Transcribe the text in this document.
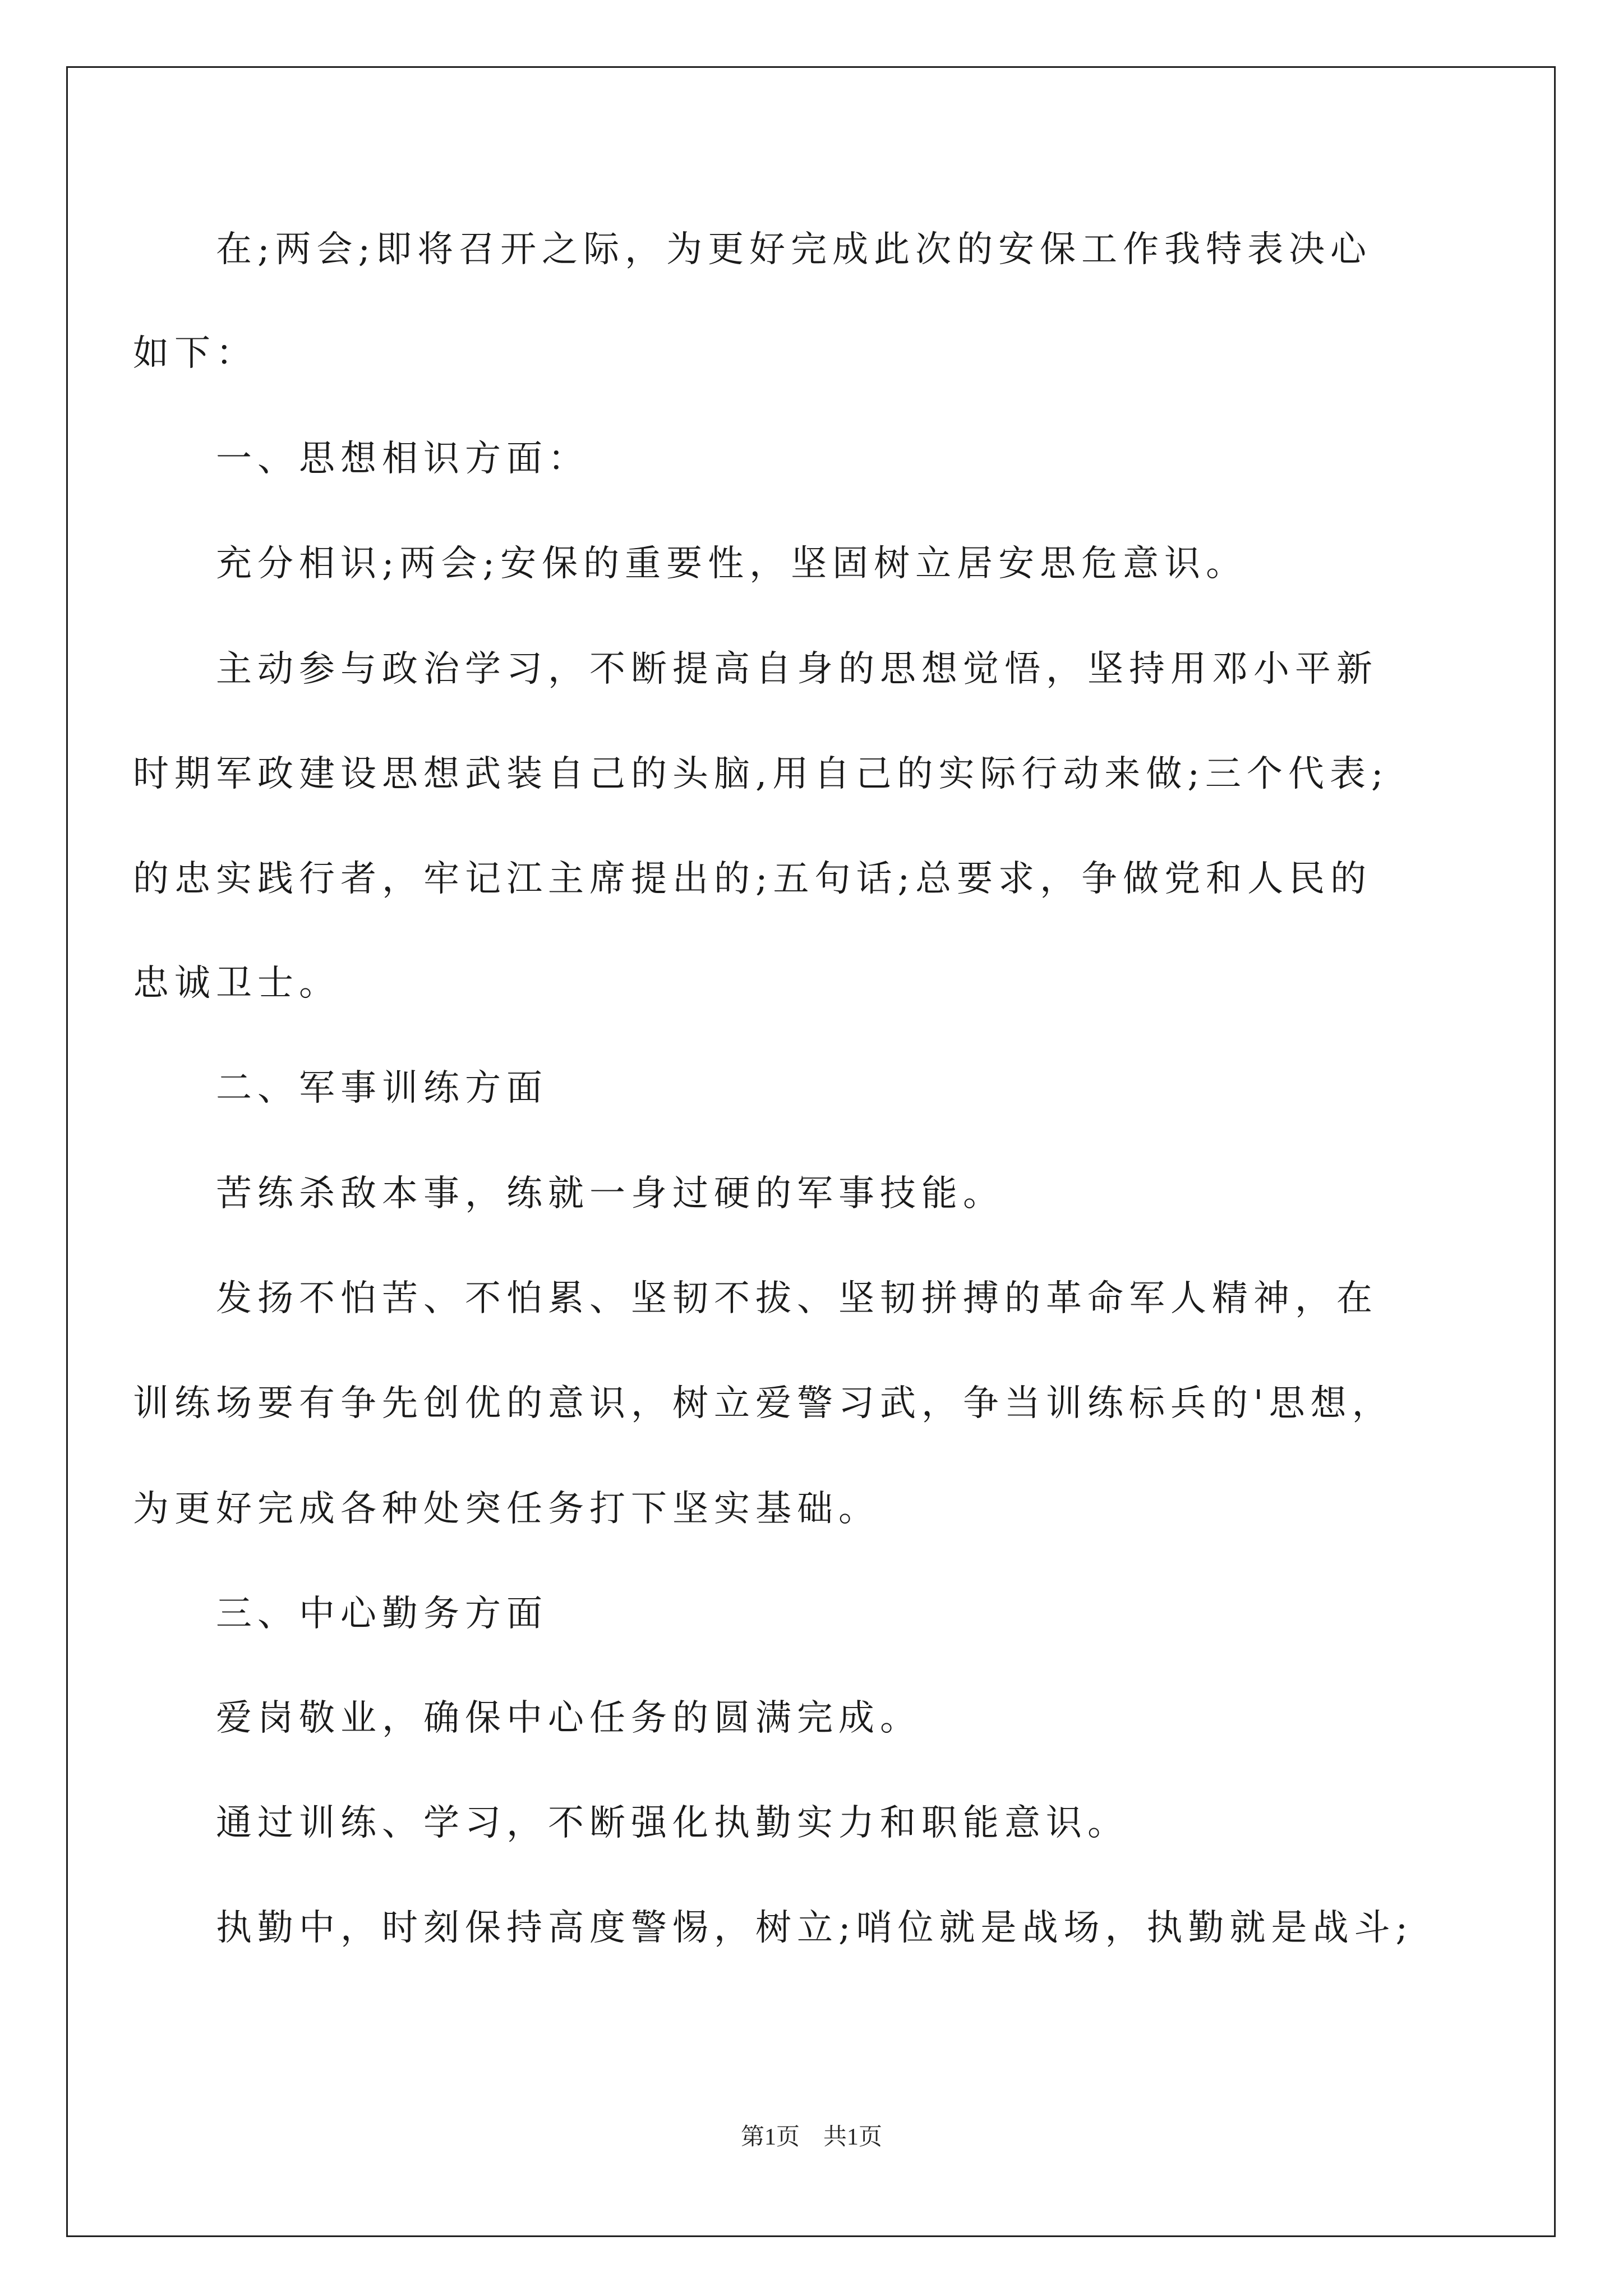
在;两会;即将召开之际，为更好完成此次的安保工作我特表决心
如下：
一、思想相识方面：
充分相识;两会;安保的重要性，坚固树立居安思危意识。
主动参与政治学习，不断提高自身的思想觉悟，坚持用邓小平新
时期军政建设思想武装自己的头脑,用自己的实际行动来做;三个代表;
的忠实践行者，牢记江主席提出的;五句话;总要求，争做党和人民的
忠诚卫士。
二、军事训练方面
苦练杀敌本事，练就一身过硬的军事技能。
发扬不怕苦、不怕累、坚韧不拔、坚韧拼搏的革命军人精神，在
训练场要有争先创优的意识，树立爱警习武，争当训练标兵的'思想，
为更好完成各种处突任务打下坚实基础。
三、中心勤务方面
爱岗敬业，确保中心任务的圆满完成。
通过训练、学习，不断强化执勤实力和职能意识。
执勤中，时刻保持高度警惕，树立;哨位就是战场，执勤就是战斗;
第1页　共1页
